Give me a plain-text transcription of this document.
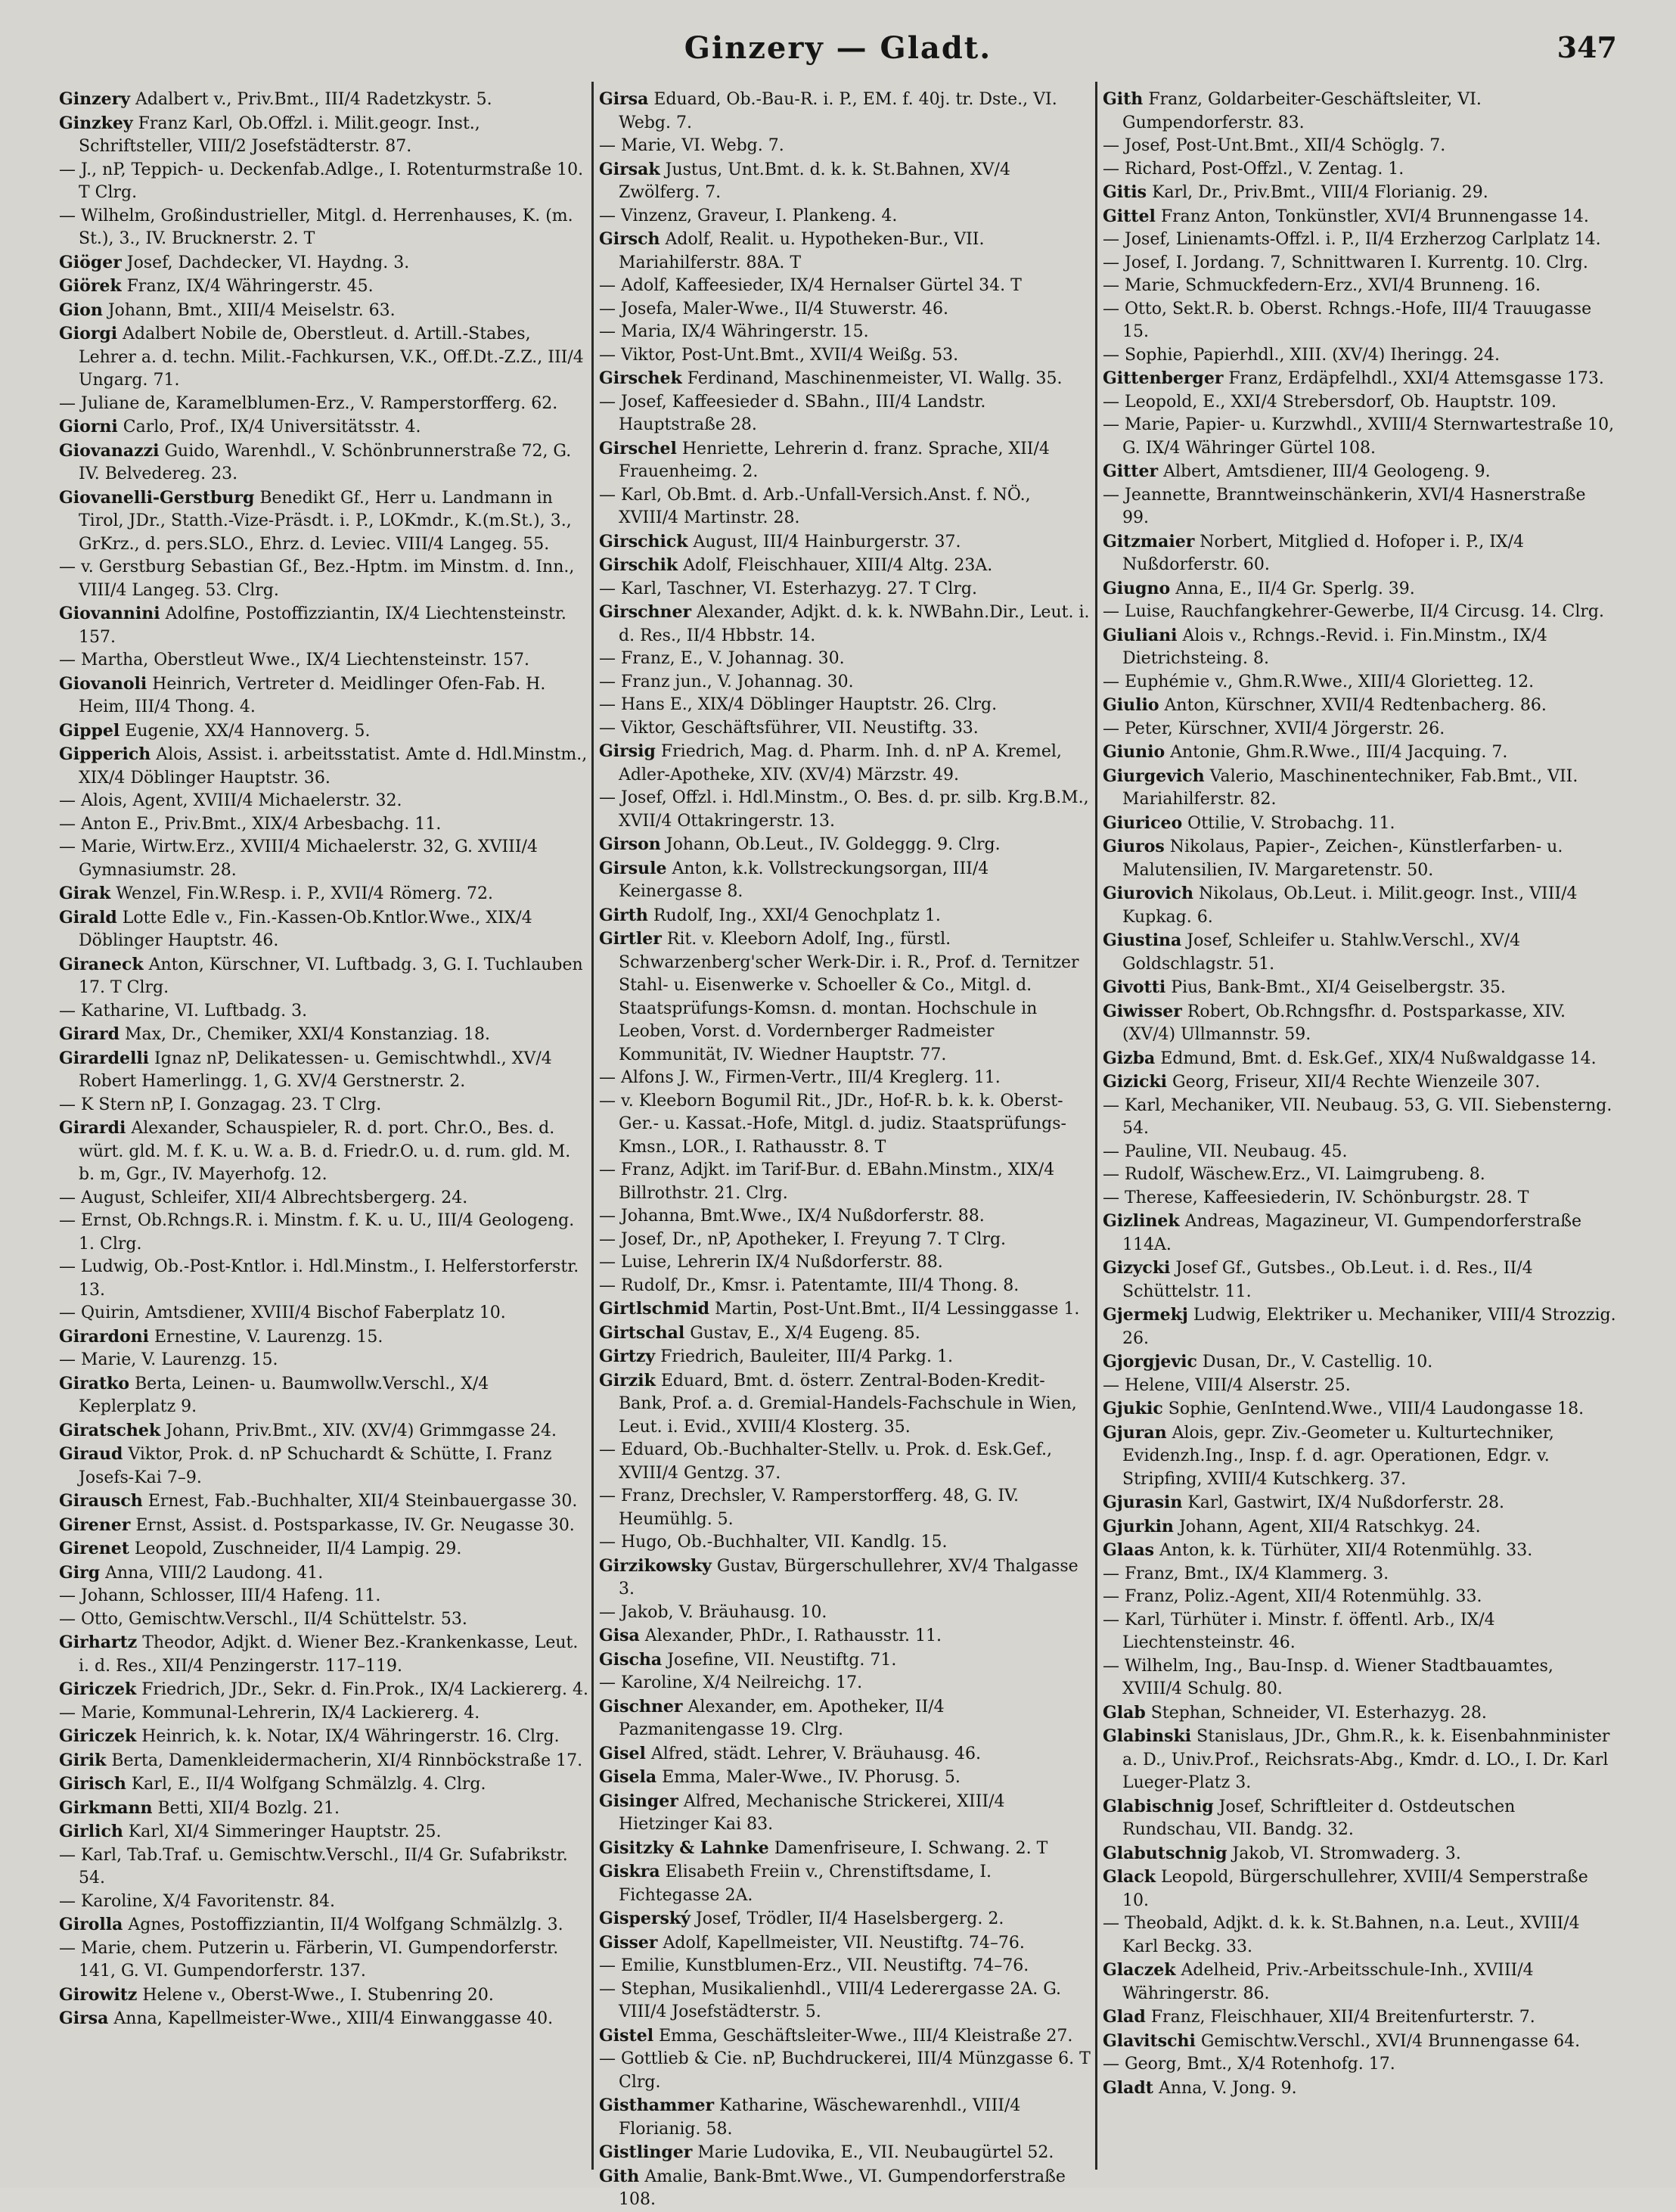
Ginzery — Gladt.	347

Ginzery Adalbert v., Priv.Bmt., III/4 Radetzkystr. 5.

Ginzkey Franz Karl, Ob.Offzl. i. Milit.geogr. Inst., Schriftsteller, VIII/2 Josefstädterstr. 87.

— J., nP, Teppich- u. Deckenfab.Adlge., I. Rotenturmstraße 10. T Clrg.

— Wilhelm, Großindustrieller, Mitgl. d. Herrenhauses, K. (m. St.), 3., IV. Brucknerstr. 2. T

Giöger Josef, Dachdecker, VI. Haydng. 3.

Giörek Franz, IX/4 Währingerstr. 45.

Gion Johann, Bmt., XIII/4 Meiselstr. 63.

Giorgi Adalbert Nobile de, Oberstleut. d. Artill.-Stabes, Lehrer a. d. techn. Milit.-Fachkursen, V.K., Off.Dt.-Z.Z., III/4 Ungarg. 71.

— Juliane de, Karamelblumen-Erz., V. Ramperstorfferg. 62.

Giorni Carlo, Prof., IX/4 Universitätsstr. 4.

Giovanazzi Guido, Warenhdl., V. Schönbrunnerstraße 72, G. IV. Belvedereg. 23.

Giovanelli-Gerstburg Benedikt Gf., Herr u. Landmann in Tirol, JDr., Statth.-Vize-Präsdt. i. P., LOKmdr., K.(m.St.), 3., GrKrz., d. pers.SLO., Ehrz. d. Leviec. VIII/4 Langeg. 55.

— v. Gerstburg Sebastian Gf., Bez.-Hptm. im Minstm. d. Inn., VIII/4 Langeg. 53. Clrg.

Giovannini Adolfine, Postoffizziantin, IX/4 Liechtensteinstr. 157.

— Martha, Oberstleut Wwe., IX/4 Liechtensteinstr. 157.

Giovanoli Heinrich, Vertreter d. Meidlinger Ofen-Fab. H. Heim, III/4 Thong. 4.

Gippel Eugenie, XX/4 Hannoverg. 5.

Gipperich Alois, Assist. i. arbeitsstatist. Amte d. Hdl.Minstm., XIX/4 Döblinger Hauptstr. 36.

— Alois, Agent, XVIII/4 Michaelerstr. 32.

— Anton E., Priv.Bmt., XIX/4 Arbesbachg. 11.

— Marie, Wirtw.Erz., XVIII/4 Michaelerstr. 32, G. XVIII/4 Gymnasiumstr. 28.

Girak Wenzel, Fin.W.Resp. i. P., XVII/4 Römerg. 72.

Girald Lotte Edle v., Fin.-Kassen-Ob.Kntlor.Wwe., XIX/4 Döblinger Hauptstr. 46.

Giraneck Anton, Kürschner, VI. Luftbadg. 3, G. I. Tuchlauben 17. T Clrg.

— Katharine, VI. Luftbadg. 3.

Girard Max, Dr., Chemiker, XXI/4 Konstanziag. 18.

Girardelli Ignaz nP, Delikatessen- u. Gemischtwhdl., XV/4 Robert Hamerlingg. 1, G. XV/4 Gerstnerstr. 2.

— K Stern nP, I. Gonzagag. 23. T Clrg.

Girardi Alexander, Schauspieler, R. d. port. Chr.O., Bes. d. würt. gld. M. f. K. u. W. a. B. d. Friedr.O. u. d. rum. gld. M. b. m, Ggr., IV. Mayerhofg. 12.

— August, Schleifer, XII/4 Albrechtsbergerg. 24.

— Ernst, Ob.Rchngs.R. i. Minstm. f. K. u. U., III/4 Geologeng. 1. Clrg.

— Ludwig, Ob.-Post-Kntlor. i. Hdl.Minstm., I. Helferstorferstr. 13.

— Quirin, Amtsdiener, XVIII/4 Bischof Faberplatz 10.

Girardoni Ernestine, V. Laurenzg. 15.

— Marie, V. Laurenzg. 15.

Giratko Berta, Leinen- u. Baumwollw.Verschl., X/4 Keplerplatz 9.

Giratschek Johann, Priv.Bmt., XIV. (XV/4) Grimmgasse 24.

Giraud Viktor, Prok. d. nP Schuchardt & Schütte, I. Franz Josefs-Kai 7–9.

Girausch Ernest, Fab.-Buchhalter, XII/4 Steinbauergasse 30.

Girener Ernst, Assist. d. Postsparkasse, IV. Gr. Neugasse 30.

Girenet Leopold, Zuschneider, II/4 Lampig. 29.

Girg Anna, VIII/2 Laudong. 41.

— Johann, Schlosser, III/4 Hafeng. 11.

— Otto, Gemischtw.Verschl., II/4 Schüttelstr. 53.

Girhartz Theodor, Adjkt. d. Wiener Bez.-Krankenkasse, Leut. i. d. Res., XII/4 Penzingerstr. 117–119.

Giriczek Friedrich, JDr., Sekr. d. Fin.Prok., IX/4 Lackiererg. 4.

— Marie, Kommunal-Lehrerin, IX/4 Lackiererg. 4.

Giriczek Heinrich, k. k. Notar, IX/4 Währingerstr. 16. Clrg.

Girik Berta, Damenkleidermacherin, XI/4 Rinnböckstraße 17.

Girisch Karl, E., II/4 Wolfgang Schmälzlg. 4. Clrg.

Girkmann Betti, XII/4 Bozlg. 21.

Girlich Karl, XI/4 Simmeringer Hauptstr. 25.

— Karl, Tab.Traf. u. Gemischtw.Verschl., II/4 Gr. Sufabrikstr. 54.

— Karoline, X/4 Favoritenstr. 84.

Girolla Agnes, Postoffizziantin, II/4 Wolfgang Schmälzlg. 3.

— Marie, chem. Putzerin u. Färberin, VI. Gumpendorferstr. 141, G. VI. Gumpendorferstr. 137.

Girowitz Helene v., Oberst-Wwe., I. Stubenring 20.

Girsa Anna, Kapellmeister-Wwe., XIII/4 Einwanggasse 40.

Girsa Eduard, Ob.-Bau-R. i. P., EM. f. 40j. tr. Dste., VI. Webg. 7.

— Marie, VI. Webg. 7.

Girsak Justus, Unt.Bmt. d. k. k. St.Bahnen, XV/4 Zwölferg. 7.

— Vinzenz, Graveur, I. Plankeng. 4.

Girsch Adolf, Realit. u. Hypotheken-Bur., VII. Mariahilferstr. 88A. T

— Adolf, Kaffeesieder, IX/4 Hernalser Gürtel 34. T

— Josefa, Maler-Wwe., II/4 Stuwerstr. 46.

— Maria, IX/4 Währingerstr. 15.

— Viktor, Post-Unt.Bmt., XVII/4 Weißg. 53.

Girschek Ferdinand, Maschinenmeister, VI. Wallg. 35.

— Josef, Kaffeesieder d. SBahn., III/4 Landstr. Hauptstraße 28.

Girschel Henriette, Lehrerin d. franz. Sprache, XII/4 Frauenheimg. 2.

— Karl, Ob.Bmt. d. Arb.-Unfall-Versich.Anst. f. NÖ., XVIII/4 Martinstr. 28.

Girschick August, III/4 Hainburgerstr. 37.

Girschik Adolf, Fleischhauer, XIII/4 Altg. 23A.

— Karl, Taschner, VI. Esterhazyg. 27. T Clrg.

Girschner Alexander, Adjkt. d. k. k. NWBahn.Dir., Leut. i. d. Res., II/4 Hbbstr. 14.

— Franz, E., V. Johannag. 30.

— Franz jun., V. Johannag. 30.

— Hans E., XIX/4 Döblinger Hauptstr. 26. Clrg.

— Viktor, Geschäftsführer, VII. Neustiftg. 33.

Girsig Friedrich, Mag. d. Pharm. Inh. d. nP A. Kremel, Adler-Apotheke, XIV. (XV/4) Märzstr. 49.

— Josef, Offzl. i. Hdl.Minstm., O. Bes. d. pr. silb. Krg.B.M., XVII/4 Ottakringerstr. 13.

Girson Johann, Ob.Leut., IV. Goldeggg. 9. Clrg.

Girsule Anton, k.k. Vollstreckungsorgan, III/4 Keinergasse 8.

Girth Rudolf, Ing., XXI/4 Genochplatz 1.

Girtler Rit. v. Kleeborn Adolf, Ing., fürstl. Schwarzenberg'scher Werk-Dir. i. R., Prof. d. Ternitzer Stahl- u. Eisenwerke v. Schoeller & Co., Mitgl. d. Staatsprüfungs-Komsn. d. montan. Hochschule in Leoben, Vorst. d. Vordernberger Radmeister Kommunität, IV. Wiedner Hauptstr. 77.

— Alfons J. W., Firmen-Vertr., III/4 Kreglerg. 11.

— v. Kleeborn Bogumil Rit., JDr., Hof-R. b. k. k. Oberst-Ger.- u. Kassat.-Hofe, Mitgl. d. judiz. Staatsprüfungs-Kmsn., LOR., I. Rathausstr. 8. T

— Franz, Adjkt. im Tarif-Bur. d. EBahn.Minstm., XIX/4 Billrothstr. 21. Clrg.

— Johanna, Bmt.Wwe., IX/4 Nußdorferstr. 88.

— Josef, Dr., nP, Apotheker, I. Freyung 7. T Clrg.

— Luise, Lehrerin IX/4 Nußdorferstr. 88.

— Rudolf, Dr., Kmsr. i. Patentamte, III/4 Thong. 8.

Girtlschmid Martin, Post-Unt.Bmt., II/4 Lessinggasse 1.

Girtschal Gustav, E., X/4 Eugeng. 85.

Girtzy Friedrich, Bauleiter, III/4 Parkg. 1.

Girzik Eduard, Bmt. d. österr. Zentral-Boden-Kredit-Bank, Prof. a. d. Gremial-Handels-Fachschule in Wien, Leut. i. Evid., XVIII/4 Klosterg. 35.

— Eduard, Ob.-Buchhalter-Stellv. u. Prok. d. Esk.Gef., XVIII/4 Gentzg. 37.

— Franz, Drechsler, V. Ramperstorfferg. 48, G. IV. Heumühlg. 5.

— Hugo, Ob.-Buchhalter, VII. Kandlg. 15.

Girzikowsky Gustav, Bürgerschullehrer, XV/4 Thalgasse 3.

— Jakob, V. Bräuhausg. 10.

Gisa Alexander, PhDr., I. Rathausstr. 11.

Gischa Josefine, VII. Neustiftg. 71.

— Karoline, X/4 Neilreichg. 17.

Gischner Alexander, em. Apotheker, II/4 Pazmanitengasse 19. Clrg.

Gisel Alfred, städt. Lehrer, V. Bräuhausg. 46.

Gisela Emma, Maler-Wwe., IV. Phorusg. 5.

Gisinger Alfred, Mechanische Strickerei, XIII/4 Hietzinger Kai 83.

Gisitzky & Lahnke Damenfriseure, I. Schwang. 2. T

Giskra Elisabeth Freiin v., Chrenstiftsdame, I. Fichtegasse 2A.

Gisperský Josef, Trödler, II/4 Haselsbergerg. 2.

Gisser Adolf, Kapellmeister, VII. Neustiftg. 74–76.

— Emilie, Kunstblumen-Erz., VII. Neustiftg. 74–76.

— Stephan, Musikalienhdl., VIII/4 Lederergasse 2A. G. VIII/4 Josefstädterstr. 5.

Gistel Emma, Geschäftsleiter-Wwe., III/4 Kleistraße 27.

— Gottlieb & Cie. nP, Buchdruckerei, III/4 Münzgasse 6. T Clrg.

Gisthammer Katharine, Wäschewarenhdl., VIII/4 Florianig. 58.

Gistlinger Marie Ludovika, E., VII. Neubaugürtel 52.

Gith Amalie, Bank-Bmt.Wwe., VI. Gumpendorferstraße 108.

Gith Franz, Goldarbeiter-Geschäftsleiter, VI. Gumpendorferstr. 83.

— Josef, Post-Unt.Bmt., XII/4 Schöglg. 7.

— Richard, Post-Offzl., V. Zentag. 1.

Gitis Karl, Dr., Priv.Bmt., VIII/4 Florianig. 29.

Gittel Franz Anton, Tonkünstler, XVI/4 Brunnengasse 14.

— Josef, Linienamts-Offzl. i. P., II/4 Erzherzog Carlplatz 14.

— Josef, I. Jordang. 7, Schnittwaren I. Kurrentg. 10. Clrg.

— Marie, Schmuckfedern-Erz., XVI/4 Brunneng. 16.

— Otto, Sekt.R. b. Oberst. Rchngs.-Hofe, III/4 Trauugasse 15.

— Sophie, Papierhdl., XIII. (XV/4) Iheringg. 24.

Gittenberger Franz, Erdäpfelhdl., XXI/4 Attemsgasse 173.

— Leopold, E., XXI/4 Strebersdorf, Ob. Hauptstr. 109.

— Marie, Papier- u. Kurzwhdl., XVIII/4 Sternwartestraße 10, G. IX/4 Währinger Gürtel 108.

Gitter Albert, Amtsdiener, III/4 Geologeng. 9.

— Jeannette, Branntweinschänkerin, XVI/4 Hasnerstraße 99.

Gitzmaier Norbert, Mitglied d. Hofoper i. P., IX/4 Nußdorferstr. 60.

Giugno Anna, E., II/4 Gr. Sperlg. 39.

— Luise, Rauchfangkehrer-Gewerbe, II/4 Circusg. 14. Clrg.

Giuliani Alois v., Rchngs.-Revid. i. Fin.Minstm., IX/4 Dietrichsteing. 8.

— Euphémie v., Ghm.R.Wwe., XIII/4 Glorietteg. 12.

Giulio Anton, Kürschner, XVII/4 Redtenbacherg. 86.

— Peter, Kürschner, XVII/4 Jörgerstr. 26.

Giunio Antonie, Ghm.R.Wwe., III/4 Jacquing. 7.

Giurgevich Valerio, Maschinentechniker, Fab.Bmt., VII. Mariahilferstr. 82.

Giuriceo Ottilie, V. Strobachg. 11.

Giuros Nikolaus, Papier-, Zeichen-, Künstlerfarben- u. Malutensilien, IV. Margaretenstr. 50.

Giurovich Nikolaus, Ob.Leut. i. Milit.geogr. Inst., VIII/4 Kupkag. 6.

Giustina Josef, Schleifer u. Stahlw.Verschl., XV/4 Goldschlagstr. 51.

Givotti Pius, Bank-Bmt., XI/4 Geiselbergstr. 35.

Giwisser Robert, Ob.Rchngsfhr. d. Postsparkasse, XIV. (XV/4) Ullmannstr. 59.

Gizba Edmund, Bmt. d. Esk.Gef., XIX/4 Nußwaldgasse 14.

Gizicki Georg, Friseur, XII/4 Rechte Wienzeile 307.

— Karl, Mechaniker, VII. Neubaug. 53, G. VII. Siebensterng. 54.

— Pauline, VII. Neubaug. 45.

— Rudolf, Wäschew.Erz., VI. Laimgrubeng. 8.

— Therese, Kaffeesiederin, IV. Schönburgstr. 28. T

Gizlinek Andreas, Magazineur, VI. Gumpendorferstraße 114A.

Gizycki Josef Gf., Gutsbes., Ob.Leut. i. d. Res., II/4 Schüttelstr. 11.

Gjermekj Ludwig, Elektriker u. Mechaniker, VIII/4 Strozzig. 26.

Gjorgjevic Dusan, Dr., V. Castellig. 10.

— Helene, VIII/4 Alserstr. 25.

Gjukic Sophie, GenIntend.Wwe., VIII/4 Laudongasse 18.

Gjuran Alois, gepr. Ziv.-Geometer u. Kulturtechniker, Evidenzh.Ing., Insp. f. d. agr. Operationen, Edgr. v. Stripfing, XVIII/4 Kutschkerg. 37.

Gjurasin Karl, Gastwirt, IX/4 Nußdorferstr. 28.

Gjurkin Johann, Agent, XII/4 Ratschkyg. 24.

Glaas Anton, k. k. Türhüter, XII/4 Rotenmühlg. 33.

— Franz, Bmt., IX/4 Klammerg. 3.

— Franz, Poliz.-Agent, XII/4 Rotenmühlg. 33.

— Karl, Türhüter i. Minstr. f. öffentl. Arb., IX/4 Liechtensteinstr. 46.

— Wilhelm, Ing., Bau-Insp. d. Wiener Stadtbauamtes, XVIII/4 Schulg. 80.

Glab Stephan, Schneider, VI. Esterhazyg. 28.

Glabinski Stanislaus, JDr., Ghm.R., k. k. Eisenbahnminister a. D., Univ.Prof., Reichsrats-Abg., Kmdr. d. LO., I. Dr. Karl Lueger-Platz 3.

Glabischnig Josef, Schriftleiter d. Ostdeutschen Rundschau, VII. Bandg. 32.

Glabutschnig Jakob, VI. Stromwaderg. 3.

Glack Leopold, Bürgerschullehrer, XVIII/4 Semperstraße 10.

— Theobald, Adjkt. d. k. k. St.Bahnen, n.a. Leut., XVIII/4 Karl Beckg. 33.

Glaczek Adelheid, Priv.-Arbeitsschule-Inh., XVIII/4 Währingerstr. 86.

Glad Franz, Fleischhauer, XII/4 Breitenfurterstr. 7.

Glavitschi Gemischtw.Verschl., XVI/4 Brunnengasse 64.

— Georg, Bmt., X/4 Rotenhofg. 17.

Gladt Anna, V. Jong. 9.
